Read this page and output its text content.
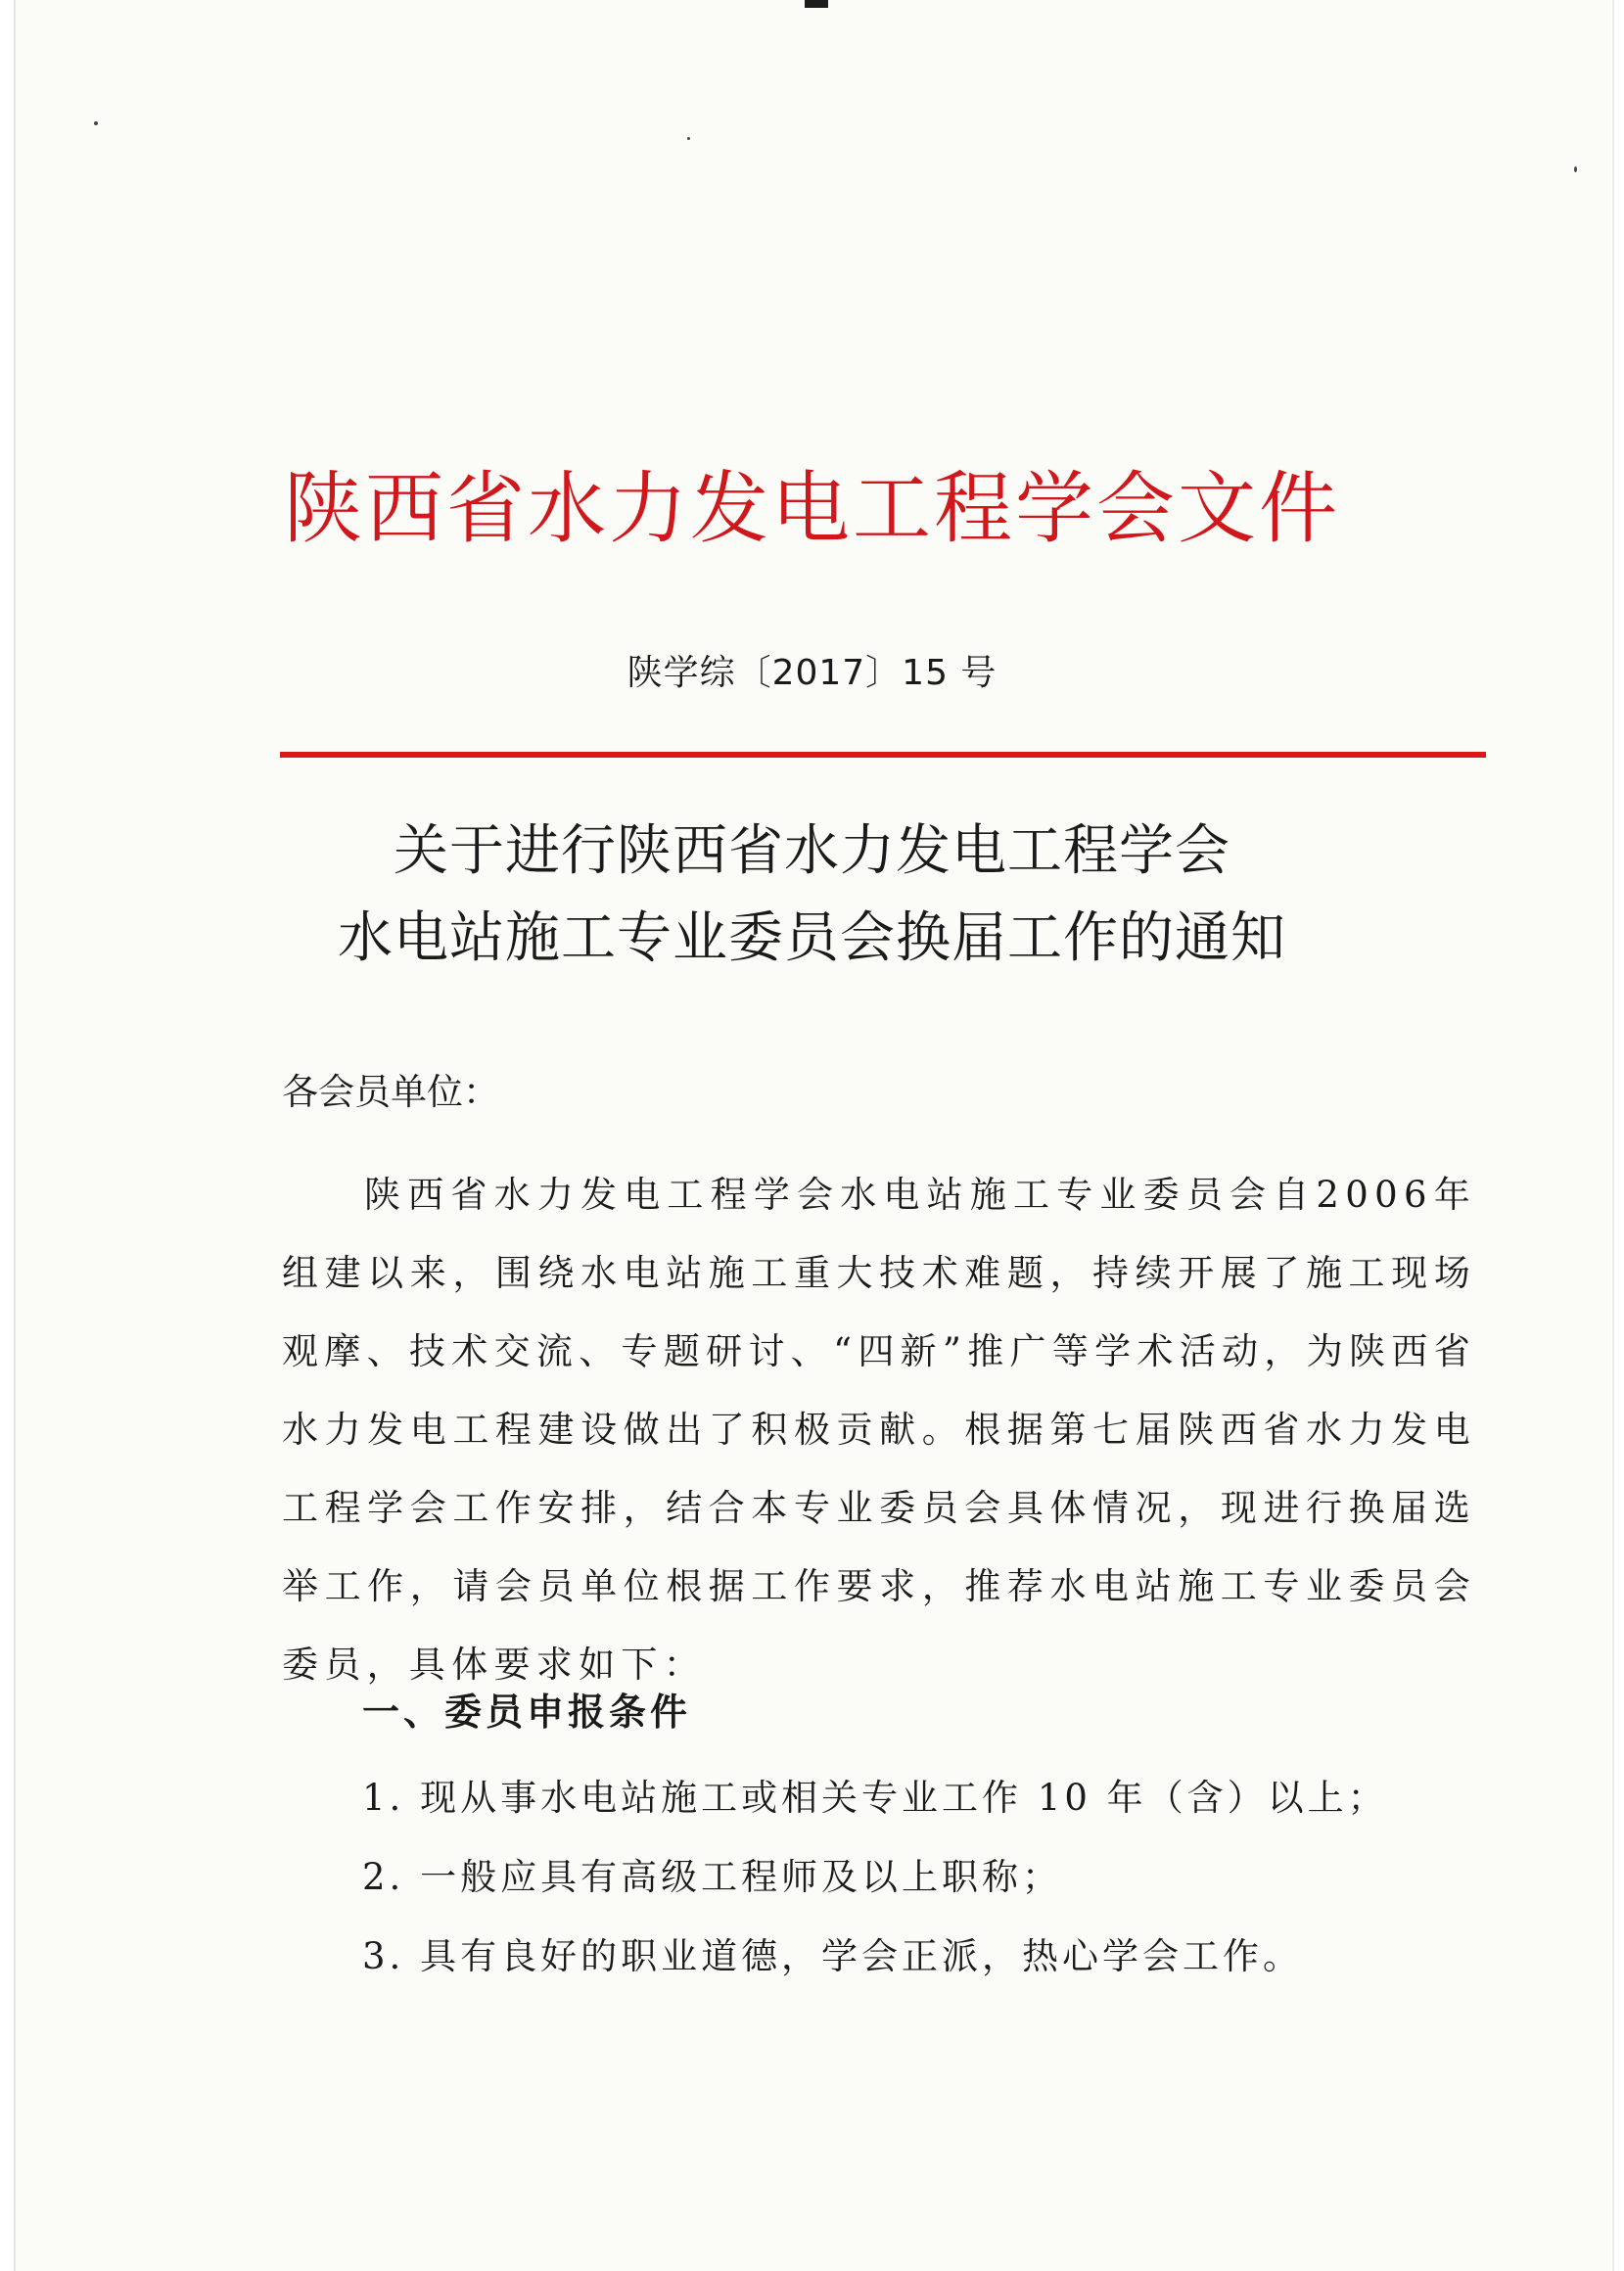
陕西省水力发电工程学会文件
陕学综〔2017〕15 号
关于进行陕西省水力发电工程学会
水电站施工专业委员会换届工作的通知
各会员单位：
陕西省水力发电工程学会水电站施工专业委员会自2006年组建以来，围绕水电站施工重大技术难题，持续开展了施工现场观摩、技术交流、专题研讨、“四新”推广等学术活动，为陕西省水力发电工程建设做出了积极贡献。根据第七届陕西省水力发电工程学会工作安排，结合本专业委员会具体情况，现进行换届选举工作，请会员单位根据工作要求，推荐水电站施工专业委员会委员，具体要求如下：
一、委员申报条件
1. 现从事水电站施工或相关专业工作 10 年（含）以上；
2. 一般应具有高级工程师及以上职称；
3. 具有良好的职业道德，学会正派，热心学会工作。
